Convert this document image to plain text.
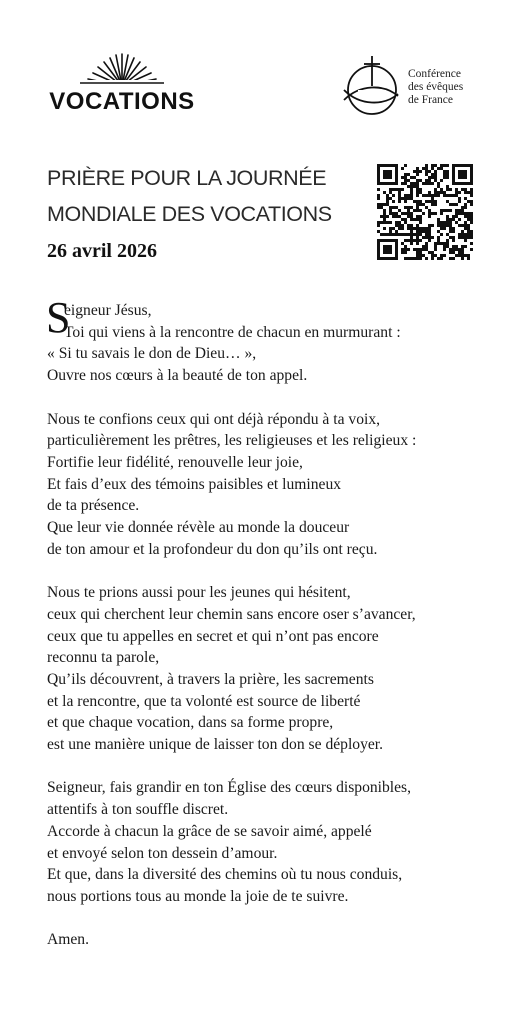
VOCATIONS
Conférence
des évêques
de France
PRIÈRE POUR LA JOURNÉE
MONDIALE DES VOCATIONS
26 avril 2026
S
eigneur Jésus,
Toi qui viens à la rencontre de chacun en murmurant :
« Si tu savais le don de Dieu… »,
Ouvre nos cœurs à la beauté de ton appel.
Nous te confions ceux qui ont déjà répondu à ta voix,
particulièrement les prêtres, les religieuses et les religieux :
Fortifie leur fidélité, renouvelle leur joie,
Et fais d’eux des témoins paisibles et lumineux
de ta présence.
Que leur vie donnée révèle au monde la douceur
de ton amour et la profondeur du don qu’ils ont reçu.
Nous te prions aussi pour les jeunes qui hésitent,
ceux qui cherchent leur chemin sans encore oser s’avancer,
ceux que tu appelles en secret et qui n’ont pas encore
reconnu ta parole,
Qu’ils découvrent, à travers la prière, les sacrements
et la rencontre, que ta volonté est source de liberté
et que chaque vocation, dans sa forme propre,
est une manière unique de laisser ton don se déployer.
Seigneur, fais grandir en ton Église des cœurs disponibles,
attentifs à ton souffle discret.
Accorde à chacun la grâce de se savoir aimé, appelé
et envoyé selon ton dessein d’amour.
Et que, dans la diversité des chemins où tu nous conduis,
nous portions tous au monde la joie de te suivre.
Amen.
